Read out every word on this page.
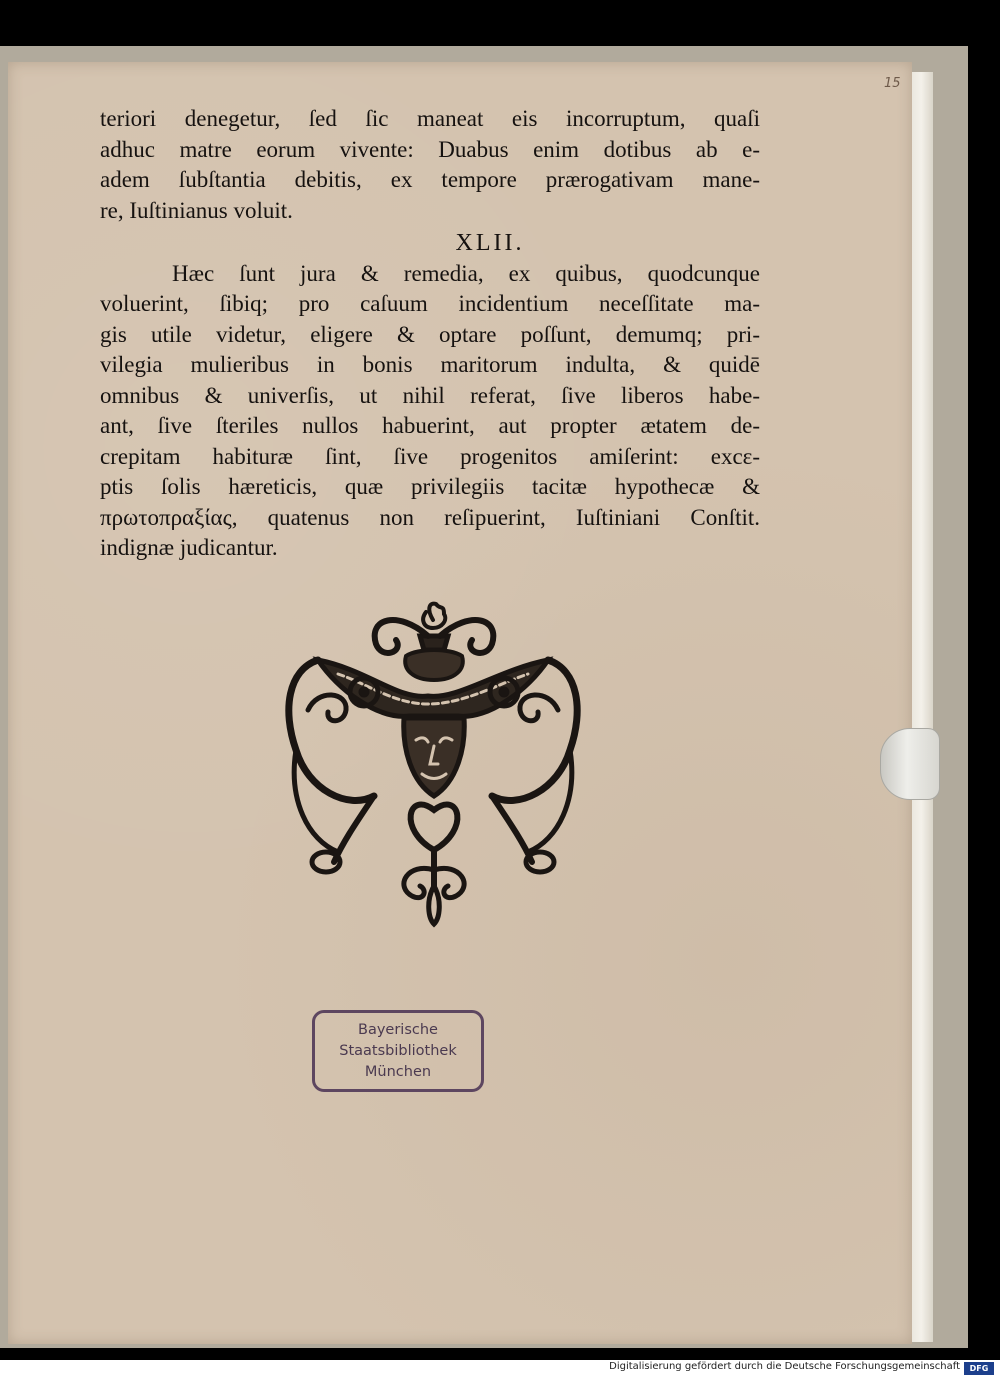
15
teriori denegetur, ſed ſic maneat eis incorruptum, quaſi
adhuc matre eorum vivente: Duabus enim dotibus ab e-
adem ſubſtantia debitis, ex tempore prærogativam mane-
re, Iuſtinianus voluit.
XLII.
Hæc ſunt jura & remedia, ex quibus, quodcunque
voluerint, ſibiq; pro caſuum incidentium neceſſitate ma-
gis utile videtur, eligere & optare poſſunt, demumq; pri-
vilegia mulieribus in bonis maritorum indulta, & quidē
omnibus & univerſis, ut nihil referat, ſive liberos habe-
ant, ſive ſteriles nullos habuerint, aut propter ætatem de-
crepitam habituræ ſint, ſive progenitos amiſerint: excε-
ptis ſolis hæreticis, quæ privilegiis tacitæ hypothecæ &
πρωτοπραξίας, quatenus non reſipuerint, Iuſtiniani Conſtit.
indignæ judicantur.
Bayerische
Staatsbibliothek
München
Digitalisierung gefördert durch die Deutsche Forschungsgemeinschaft	DFG
